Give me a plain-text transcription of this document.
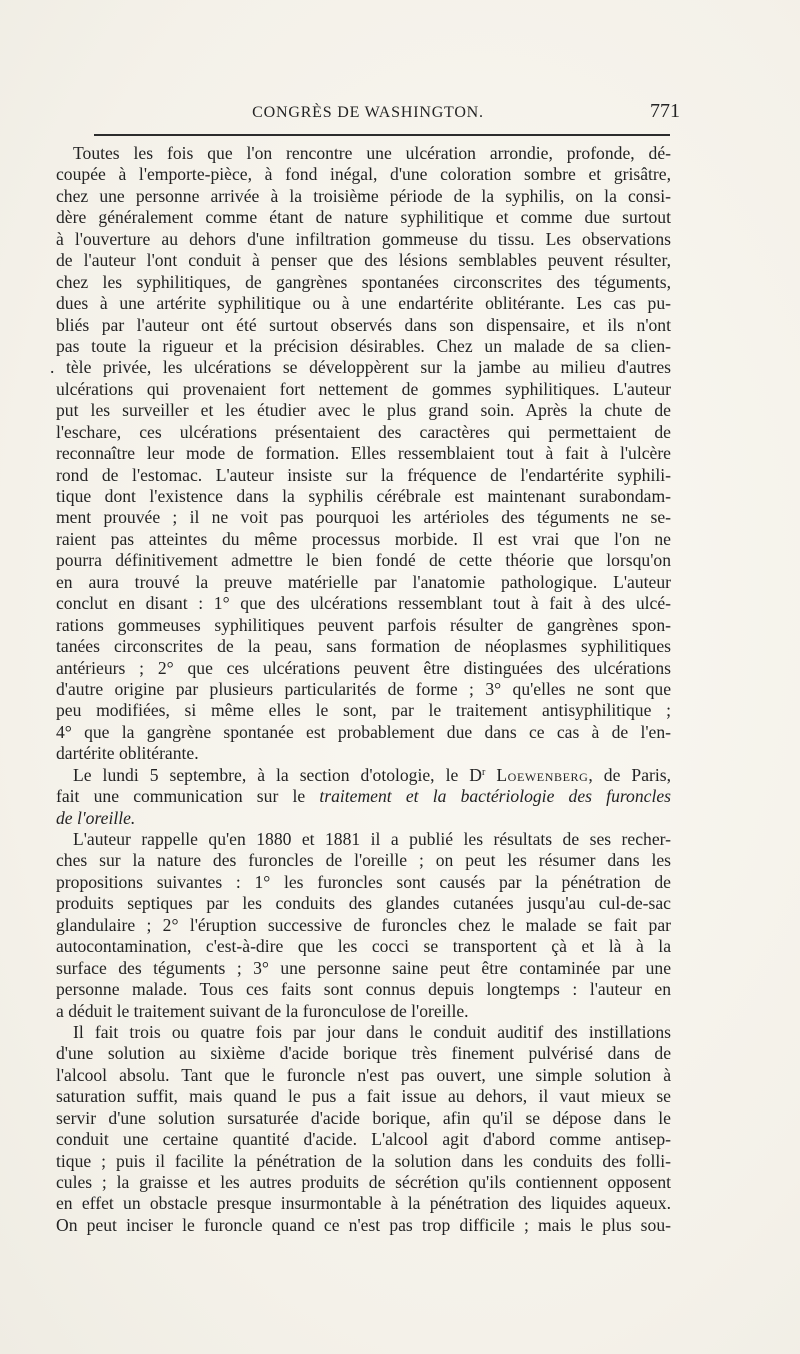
CONGRÈS DE WASHINGTON.	771
Toutes les fois que l'on rencontre une ulcération arrondie, profonde, dé-
coupée à l'emporte-pièce, à fond inégal, d'une coloration sombre et grisâtre,
chez une personne arrivée à la troisième période de la syphilis, on la consi-
dère généralement comme étant de nature syphilitique et comme due surtout
à l'ouverture au dehors d'une infiltration gommeuse du tissu. Les observations
de l'auteur l'ont conduit à penser que des lésions semblables peuvent résulter,
chez les syphilitiques, de gangrènes spontanées circonscrites des téguments,
dues à une artérite syphilitique ou à une endartérite oblitérante. Les cas pu-
bliés par l'auteur ont été surtout observés dans son dispensaire, et ils n'ont
pas toute la rigueur et la précision désirables. Chez un malade de sa clien-
. tèle privée, les ulcérations se développèrent sur la jambe au milieu d'autres
ulcérations qui provenaient fort nettement de gommes syphilitiques. L'auteur
put les surveiller et les étudier avec le plus grand soin. Après la chute de
l'eschare, ces ulcérations présentaient des caractères qui permettaient de
reconnaître leur mode de formation. Elles ressemblaient tout à fait à l'ulcère
rond de l'estomac. L'auteur insiste sur la fréquence de l'endartérite syphili-
tique dont l'existence dans la syphilis cérébrale est maintenant surabondam-
ment prouvée ; il ne voit pas pourquoi les artérioles des téguments ne se-
raient pas atteintes du même processus morbide. Il est vrai que l'on ne
pourra définitivement admettre le bien fondé de cette théorie que lorsqu'on
en aura trouvé la preuve matérielle par l'anatomie pathologique. L'auteur
conclut en disant : 1° que des ulcérations ressemblant tout à fait à des ulcé-
rations gommeuses syphilitiques peuvent parfois résulter de gangrènes spon-
tanées circonscrites de la peau, sans formation de néoplasmes syphilitiques
antérieurs ; 2° que ces ulcérations peuvent être distinguées des ulcérations
d'autre origine par plusieurs particularités de forme ; 3° qu'elles ne sont que
peu modifiées, si même elles le sont, par le traitement antisyphilitique ;
4° que la gangrène spontanée est probablement due dans ce cas à de l'en-
dartérite oblitérante.
Le lundi 5 septembre, à la section d'otologie, le $D^r$ Loewenberg, de Paris,
fait une communication sur le traitement et la bactériologie des furoncles
de l'oreille.
L'auteur rappelle qu'en 1880 et 1881 il a publié les résultats de ses recher-
ches sur la nature des furoncles de l'oreille ; on peut les résumer dans les
propositions suivantes : 1° les furoncles sont causés par la pénétration de
produits septiques par les conduits des glandes cutanées jusqu'au cul-de-sac
glandulaire ; 2° l'éruption successive de furoncles chez le malade se fait par
autocontamination, c'est-à-dire que les cocci se transportent çà et là à la
surface des téguments ; 3° une personne saine peut être contaminée par une
personne malade. Tous ces faits sont connus depuis longtemps : l'auteur en
a déduit le traitement suivant de la furonculose de l'oreille.
Il fait trois ou quatre fois par jour dans le conduit auditif des instillations
d'une solution au sixième d'acide borique très finement pulvérisé dans de
l'alcool absolu. Tant que le furoncle n'est pas ouvert, une simple solution à
saturation suffit, mais quand le pus a fait issue au dehors, il vaut mieux se
servir d'une solution sursaturée d'acide borique, afin qu'il se dépose dans le
conduit une certaine quantité d'acide. L'alcool agit d'abord comme antisep-
tique ; puis il facilite la pénétration de la solution dans les conduits des folli-
cules ; la graisse et les autres produits de sécrétion qu'ils contiennent opposent
en effet un obstacle presque insurmontable à la pénétration des liquides aqueux.
On peut inciser le furoncle quand ce n'est pas trop difficile ; mais le plus sou-
